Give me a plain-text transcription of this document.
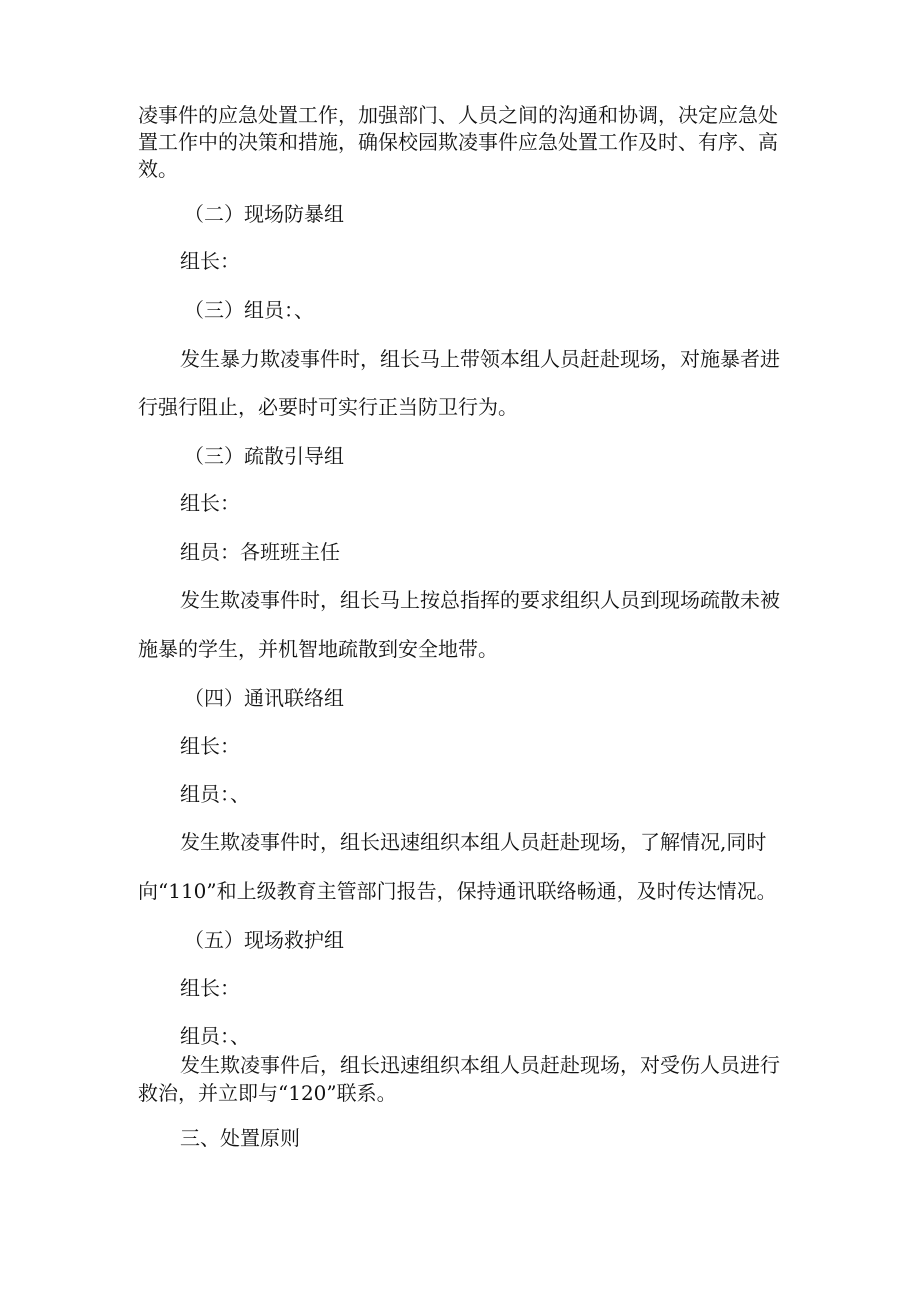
凌事件的应急处置工作，加强部门、人员之间的沟通和协调，决定应急处
置工作中的决策和措施，确保校园欺凌事件应急处置工作及时、有序、高
效。
（二）现场防暴组
组长：
（三）组员：、
发生暴力欺凌事件时，组长马上带领本组人员赶赴现场，对施暴者进
行强行阻止，必要时可实行正当防卫行为。
（三）疏散引导组
组长：
组员：各班班主任
发生欺凌事件时，组长马上按总指挥的要求组织人员到现场疏散未被
施暴的学生，并机智地疏散到安全地带。
（四）通讯联络组
组长：
组员：、
发生欺凌事件时，组长迅速组织本组人员赶赴现场，了解情况,同时
向“110”和上级教育主管部门报告，保持通讯联络畅通，及时传达情况。
（五）现场救护组
组长：
组员：、
发生欺凌事件后，组长迅速组织本组人员赶赴现场，对受伤人员进行
救治，并立即与“120”联系。
三、处置原则
